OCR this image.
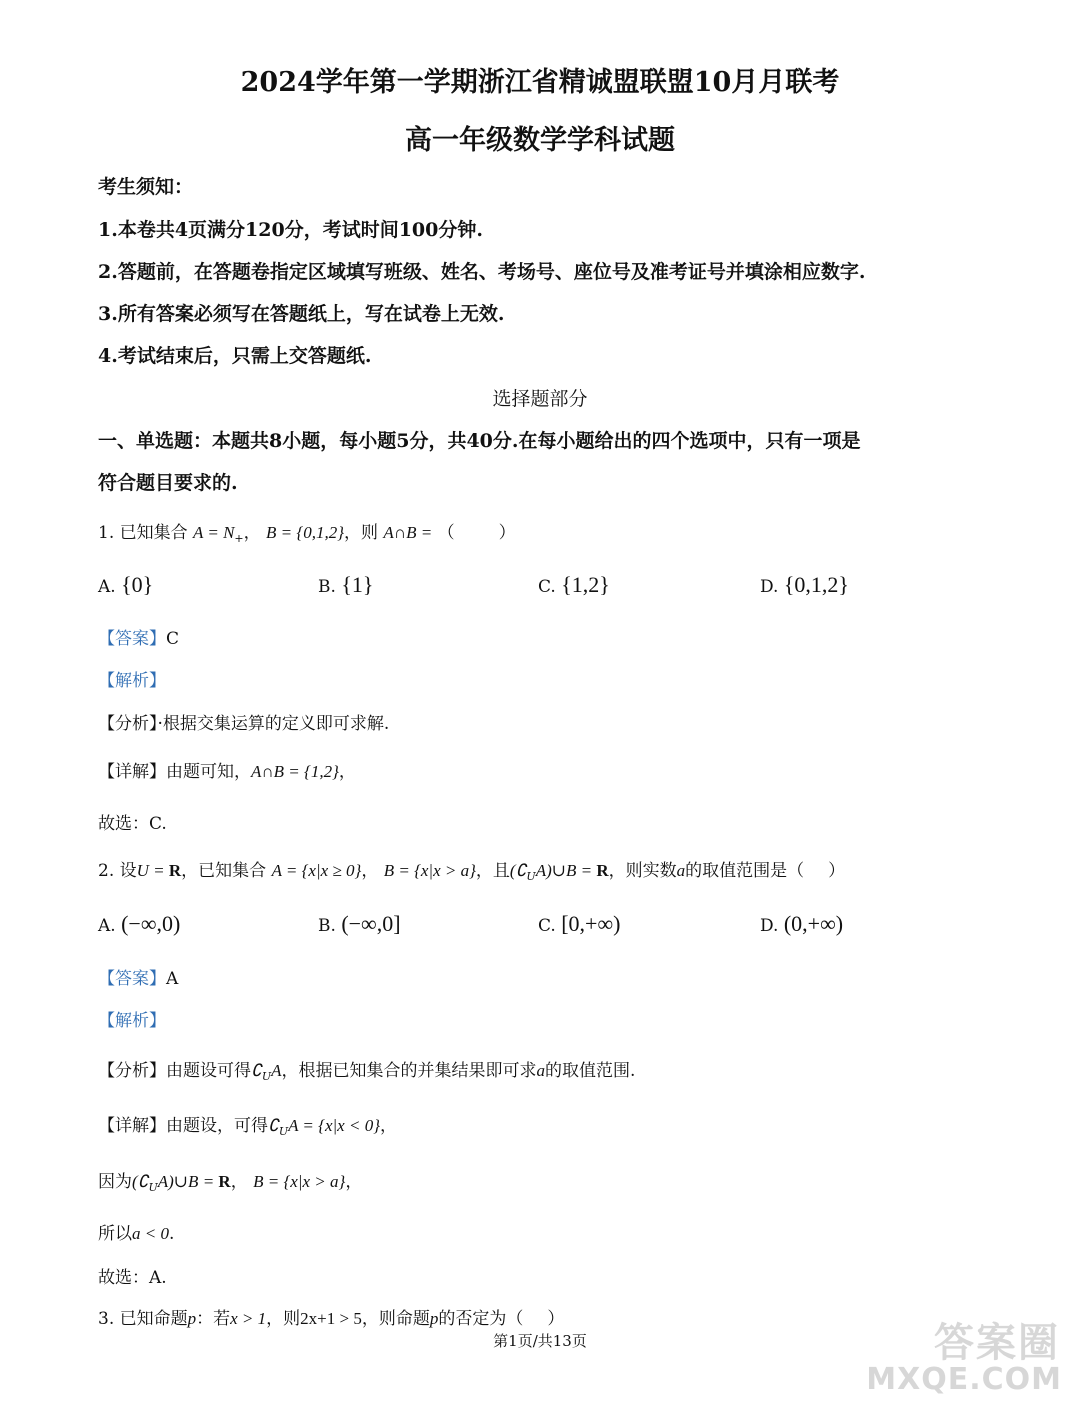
2024学年第一学期浙江省精诚盟联盟10月月联考
高一年级数学学科试题
考生须知：
1.本卷共4页满分120分，考试时间100分钟.
2.答题前，在答题卷指定区域填写班级、姓名、考场号、座位号及准考证号并填涂相应数字.
3.所有答案必须写在答题纸上，写在试卷上无效.
4.考试结束后，只需上交答题纸.
选择题部分
一、单选题：本题共8小题，每小题5分，共40分.在每小题给出的四个选项中，只有一项是
符合题目要求的.
1. 已知集合 $A = N_+$， B = {0,1,2}，则 A∩B = （	）
A. {0}	B. {1}	C. {1,2}	D. {0,1,2}
【答案】C
【解析】
【分析】·根据交集运算的定义即可求解.
【详解】由题可知，A∩B = {1,2}，
故选：C.
2. 设U = R，已知集合 A = {x|x ≥ 0}， B = {x|x > a}，且$(∁_UA)\cup B = R$，则实数a的取值范围是（ ）
A. (−∞,0)	B. (−∞,0]	C. [0,+∞)	D. (0,+∞)
【答案】A
【解析】
【分析】由题设可得$∁_UA$，根据已知集合的并集结果即可求a的取值范围.
【详解】由题设，可得$∁_UA = \{x|x < 0\}$，
因为$(∁_UA)\cup B = R$， B = {x|x > a}，
所以a < 0.
故选：A.
3. 已知命题p：若x > 1，则2x+1 > 5，则命题p的否定为（ ）
第1页/共13页	答案圈
MXQE.COM
